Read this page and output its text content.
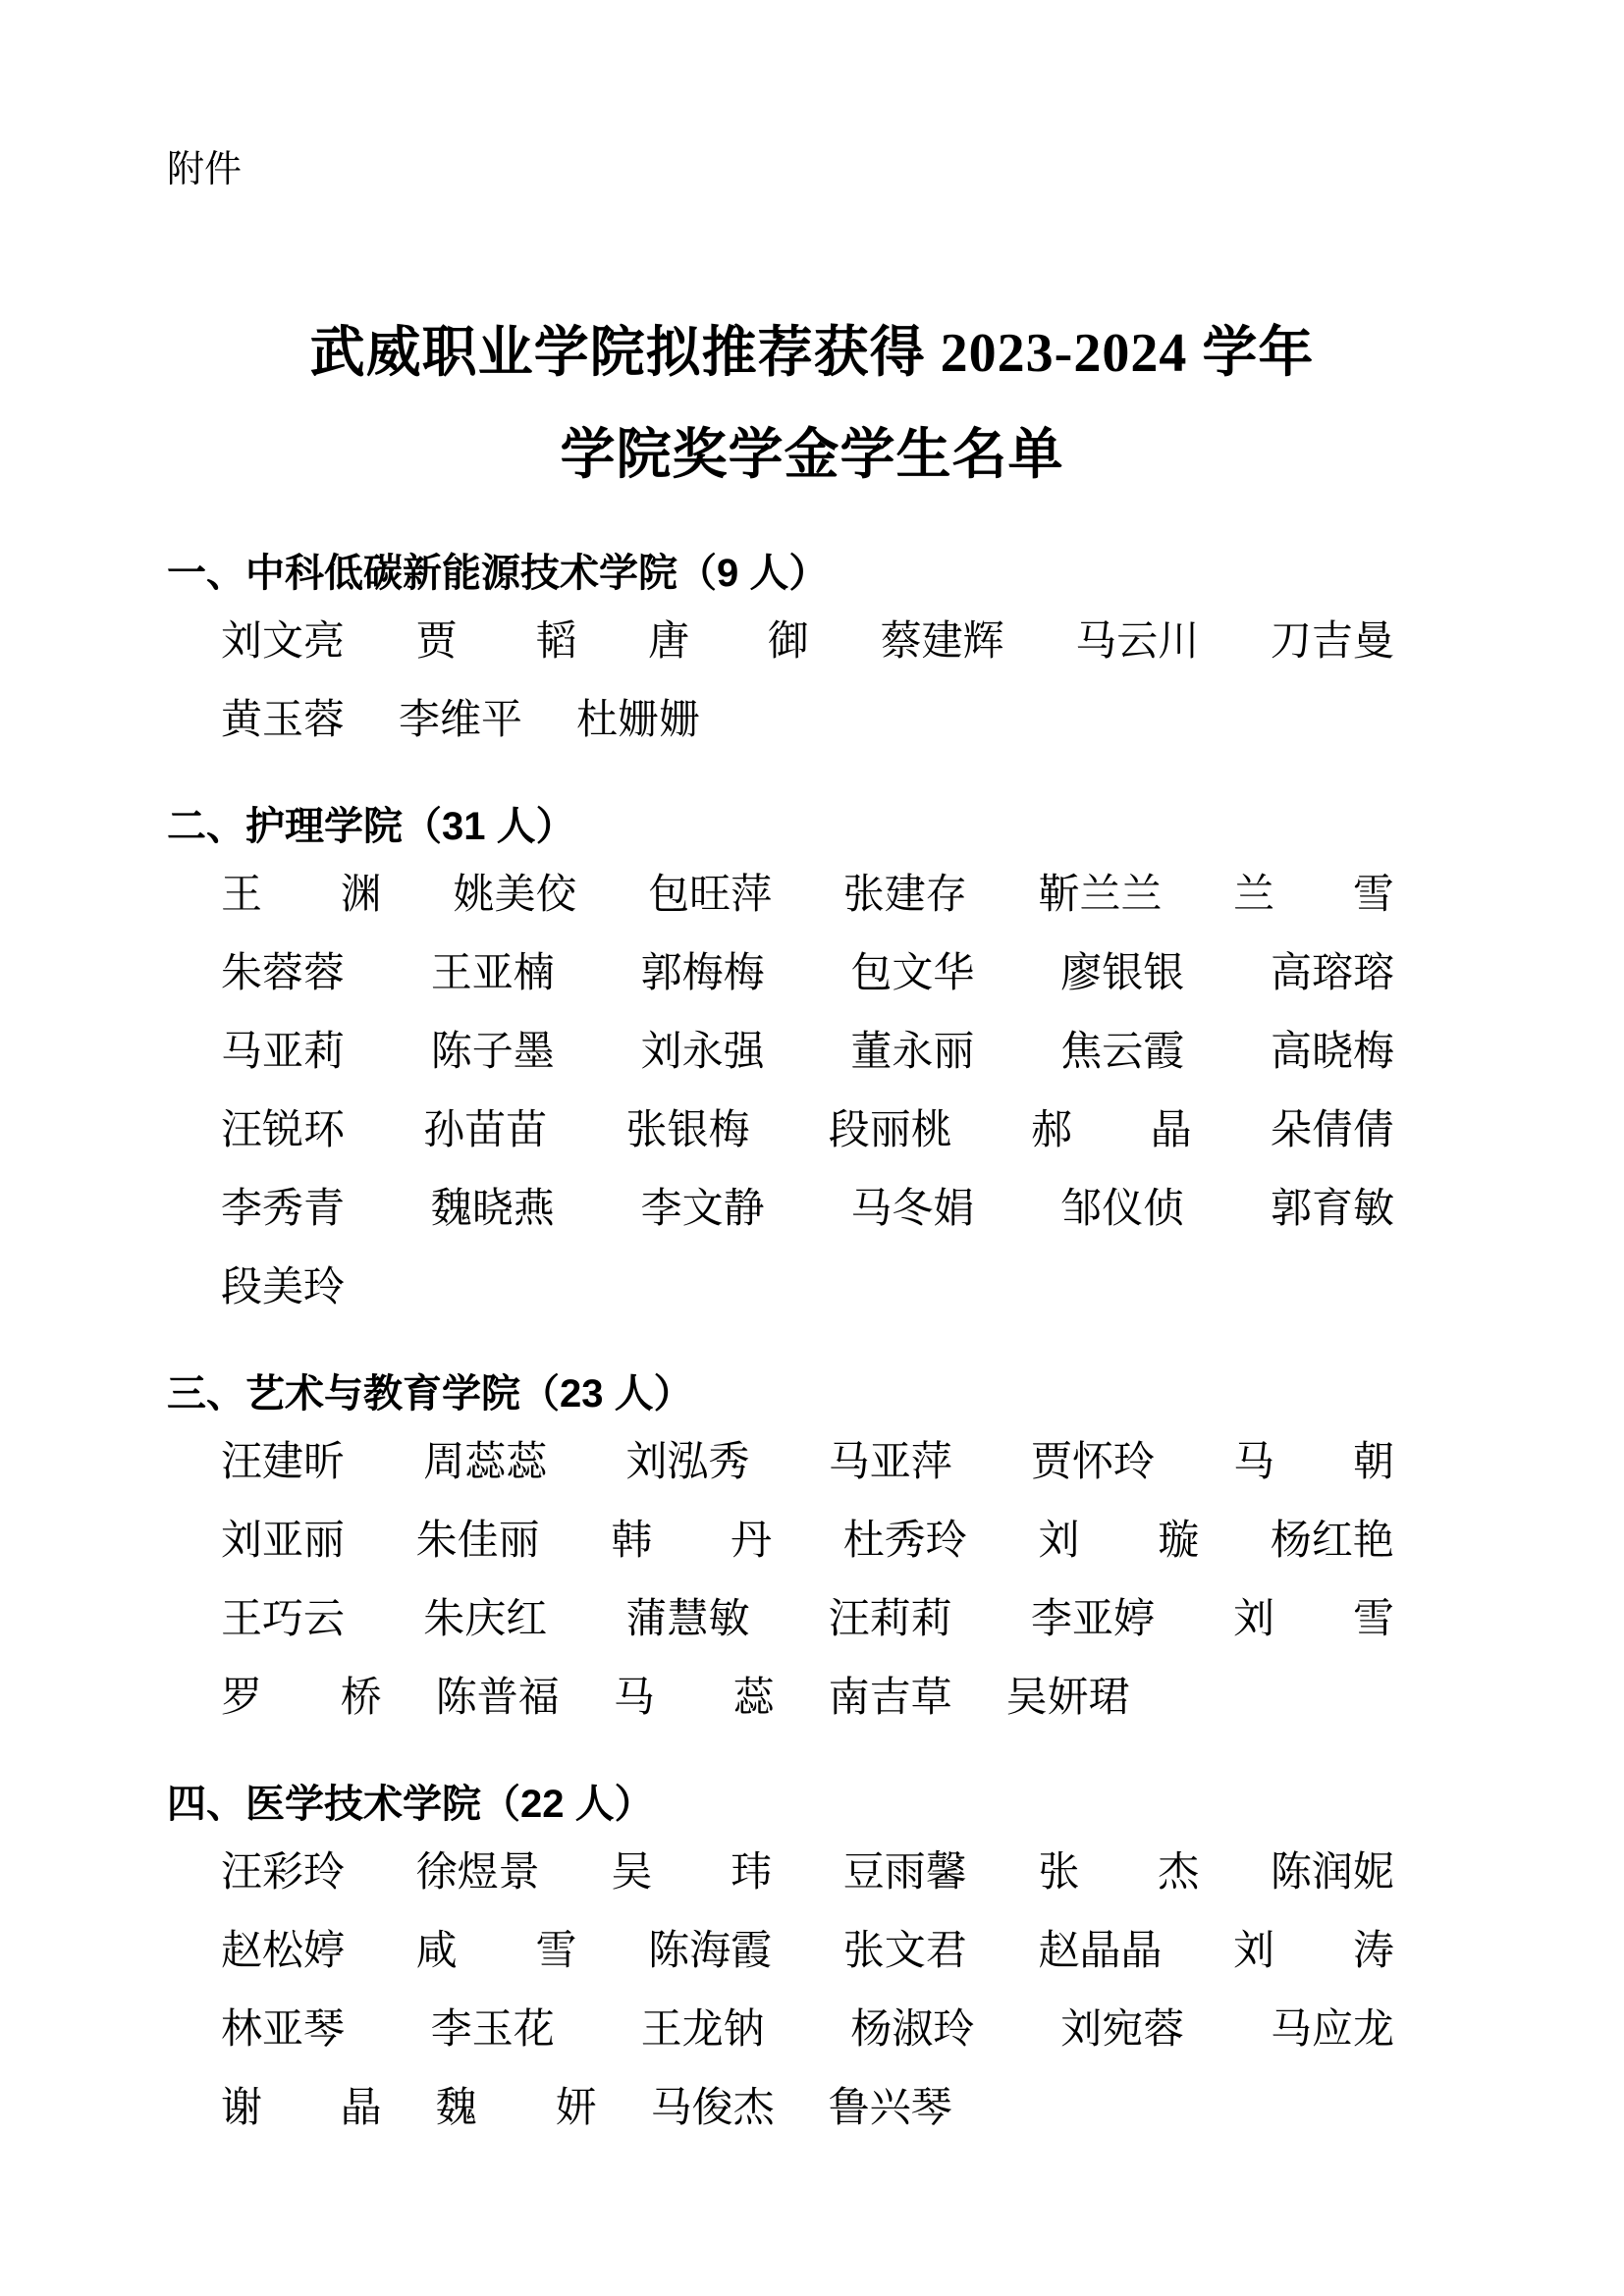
附件
武威职业学院拟推荐获得 2023-2024 学年
学院奖学金学生名单
一、中科低碳新能源技术学院（9 人）
刘文亮 贾韬 唐御 蔡建辉 马云川 刀吉曼
黄玉蓉 李维平 杜姗姗
二、护理学院（31 人）
王渊 姚美佼 包旺萍 张建存 靳兰兰 兰雪
朱蓉蓉 王亚楠 郭梅梅 包文华 廖银银 高瑢瑢
马亚莉 陈子墨 刘永强 董永丽 焦云霞 高晓梅
汪锐环 孙苗苗 张银梅 段丽桃 郝晶 朵倩倩
李秀青 魏晓燕 李文静 马冬娟 邹仪侦 郭育敏
段美玲
三、艺术与教育学院（23 人）
汪建昕 周蕊蕊 刘泓秀 马亚萍 贾怀玲 马朝
刘亚丽 朱佳丽 韩丹 杜秀玲 刘璇 杨红艳
王巧云 朱庆红 蒲慧敏 汪莉莉 李亚婷 刘雪
罗桥 陈普福 马蕊 南吉草 吴妍珺
四、医学技术学院（22 人）
汪彩玲 徐煜景 吴玮 豆雨馨 张杰 陈润妮
赵松婷 咸雪 陈海霞 张文君 赵晶晶 刘涛
林亚琴 李玉花 王龙钠 杨淑玲 刘宛蓉 马应龙
谢晶 魏妍 马俊杰 鲁兴琴
